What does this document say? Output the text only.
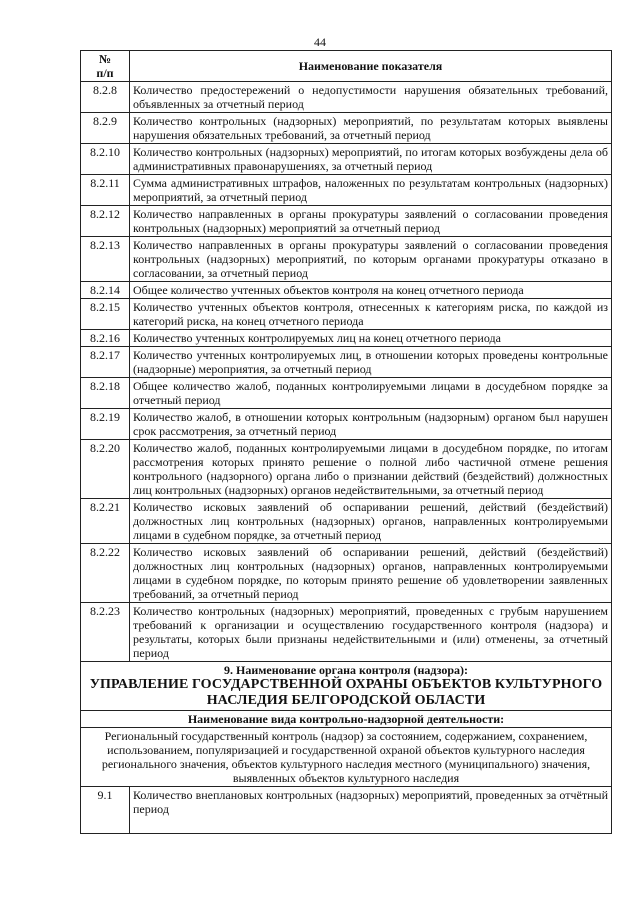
44
№
п/п	Наименование показателя
8.2.8	Количество предостережений о недопустимости нарушения обязательных требований, объявленных за отчетный период
8.2.9	Количество контрольных (надзорных) мероприятий, по результатам которых выявлены нарушения обязательных требований, за отчетный период
8.2.10	Количество контрольных (надзорных) мероприятий, по итогам которых возбуждены дела об административных правонарушениях, за отчетный период
8.2.11	Сумма административных штрафов, наложенных по результатам контрольных (надзорных) мероприятий, за отчетный период
8.2.12	Количество направленных в органы прокуратуры заявлений о согласовании проведения контрольных (надзорных) мероприятий за отчетный период
8.2.13	Количество направленных в органы прокуратуры заявлений о согласовании проведения контрольных (надзорных) мероприятий, по которым органами прокуратуры отказано в согласовании, за отчетный период
8.2.14	Общее количество учтенных объектов контроля на конец отчетного периода
8.2.15	Количество учтенных объектов контроля, отнесенных к категориям риска, по каждой из категорий риска, на конец отчетного периода
8.2.16	Количество учтенных контролируемых лиц на конец отчетного периода
8.2.17	Количество учтенных контролируемых лиц, в отношении которых проведены контрольные (надзорные) мероприятия, за отчетный период
8.2.18	Общее количество жалоб, поданных контролируемыми лицами в досудебном порядке за отчетный период
8.2.19	Количество жалоб, в отношении которых контрольным (надзорным) органом был нарушен срок рассмотрения, за отчетный период
8.2.20	Количество жалоб, поданных контролируемыми лицами в досудебном порядке, по итогам рассмотрения которых принято решение о полной либо частичной отмене решения контрольного (надзорного) органа либо о признании действий (бездействий) должностных лиц контрольных (надзорных) органов недействительными, за отчетный период
8.2.21	Количество исковых заявлений об оспаривании решений, действий (бездействий) должностных лиц контрольных (надзорных) органов, направленных контролируемыми лицами в судебном порядке, за отчетный период
8.2.22	Количество исковых заявлений об оспаривании решений, действий (бездействий) должностных лиц контрольных (надзорных) органов, направленных контролируемыми лицами в судебном порядке, по которым принято решение об удовлетворении заявленных требований, за отчетный период
8.2.23	Количество контрольных (надзорных) мероприятий, проведенных с грубым нарушением требований к организации и осуществлению государственного контроля (надзора) и результаты, которых были признаны недействительными и (или) отменены, за отчетный период

9. Наименование органа контроля (надзора):
УПРАВЛЕНИЕ ГОСУДАРСТВЕННОЙ ОХРАНЫ ОБЪЕКТОВ КУЛЬТУРНОГО НАСЛЕДИЯ БЕЛГОРОДСКОЙ ОБЛАСТИ	

Наименование вида контрольно-надзорной деятельности:	
Региональный государственный контроль (надзор) за состоянием, содержанием, сохранением, использованием, популяризацией и государственной охраной объектов культурного наследия регионального значения, объектов культурного наследия местного (муниципального) значения, выявленных объектов культурного наследия	
9.1	Количество внеплановых контрольных (надзорных) мероприятий, проведенных за отчётный период
